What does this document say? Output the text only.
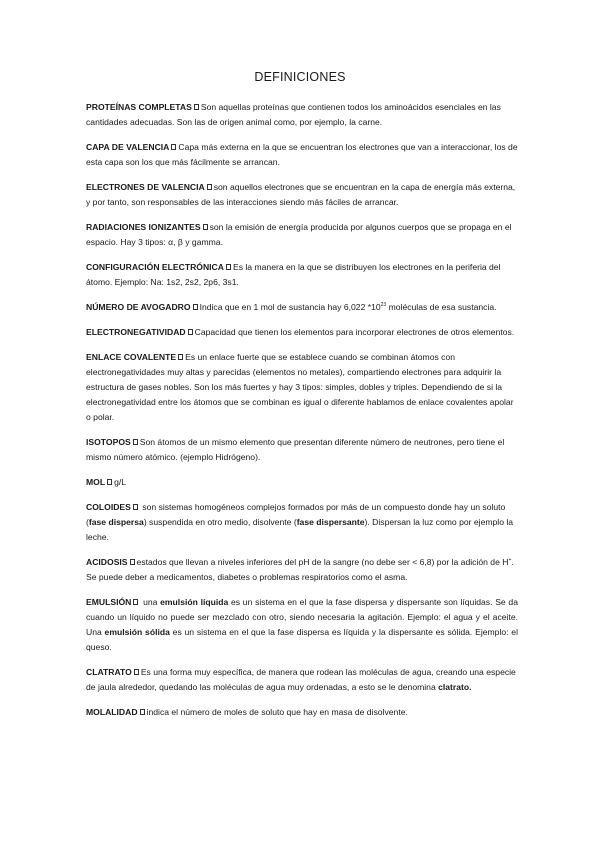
DEFINICIONES

PROTEÍNAS COMPLETAS Son aquellas proteínas que contienen todos los aminoácidos esenciales en las cantidades adecuadas. Son las de origen animal como, por ejemplo, la carne.

CAPA DE VALENCIA Capa más externa en la que se encuentran los electrones que van a interaccionar, los de esta capa son los que más fácilmente se arrancan.

ELECTRONES DE VALENCIA son aquellos electrones que se encuentran en la capa de energía más externa, y por tanto, son responsables de las interacciones siendo más fáciles de arrancar.

RADIACIONES IONIZANTES son la emisión de energía producida por algunos cuerpos que se propaga en el espacio. Hay 3 tipos: α, β y gamma.

CONFIGURACIÓN ELECTRÓNICA Es la manera en la que se distribuyen los electrones en la periferia del átomo. Ejemplo: Na: 1s2, 2s2, 2p6, 3s1.

NÚMERO DE AVOGADRO Indica que en 1 mol de sustancia hay 6,022 $*10^{23}$ moléculas de esa sustancia.

ELECTRONEGATIVIDAD Capacidad que tienen los elementos para incorporar electrones de otros elementos.

ENLACE COVALENTE Es un enlace fuerte que se establece cuando se combinan átomos con electronegatividades muy altas y parecidas (elementos no metales), compartiendo electrones para adquirir la estructura de gases nobles. Son los más fuertes y hay 3 tipos: simples, dobles y triples. Dependiendo de si la electronegatividad entre los átomos que se combinan es igual o diferente hablamos de enlace covalentes apolar o polar.

ISOTOPOS Son átomos de un mismo elemento que presentan diferente número de neutrones, pero tiene el mismo número atómico. (ejemplo Hidrógeno).

MOL g/L

COLOIDES son sistemas homogéneos complejos formados por más de un compuesto donde hay un soluto (fase dispersa) suspendida en otro medio, disolvente (fase dispersante). Dispersan la luz como por ejemplo la leche.

ACIDOSIS estados que llevan a niveles inferiores del pH de la sangre (no debe ser < 6,8) por la adición de H+. Se puede deber a medicamentos, diabetes o problemas respiratorios como el asma.

EMULSIÓN una emulsión líquida es un sistema en el que la fase dispersa y dispersante son líquidas. Se da cuando un líquido no puede ser mezclado con otro, siendo necesaria la agitación. Ejemplo: el agua y el aceite. Una emulsión sólida es un sistema en el que la fase dispersa es líquida y la dispersante es sólida. Ejemplo: el queso.

CLATRATO Es una forma muy específica, de manera que rodean las moléculas de agua, creando una especie de jaula alrededor, quedando las moléculas de agua muy ordenadas, a esto se le denomina clatrato.

MOLALIDAD indica el número de moles de soluto que hay en masa de disolvente.
